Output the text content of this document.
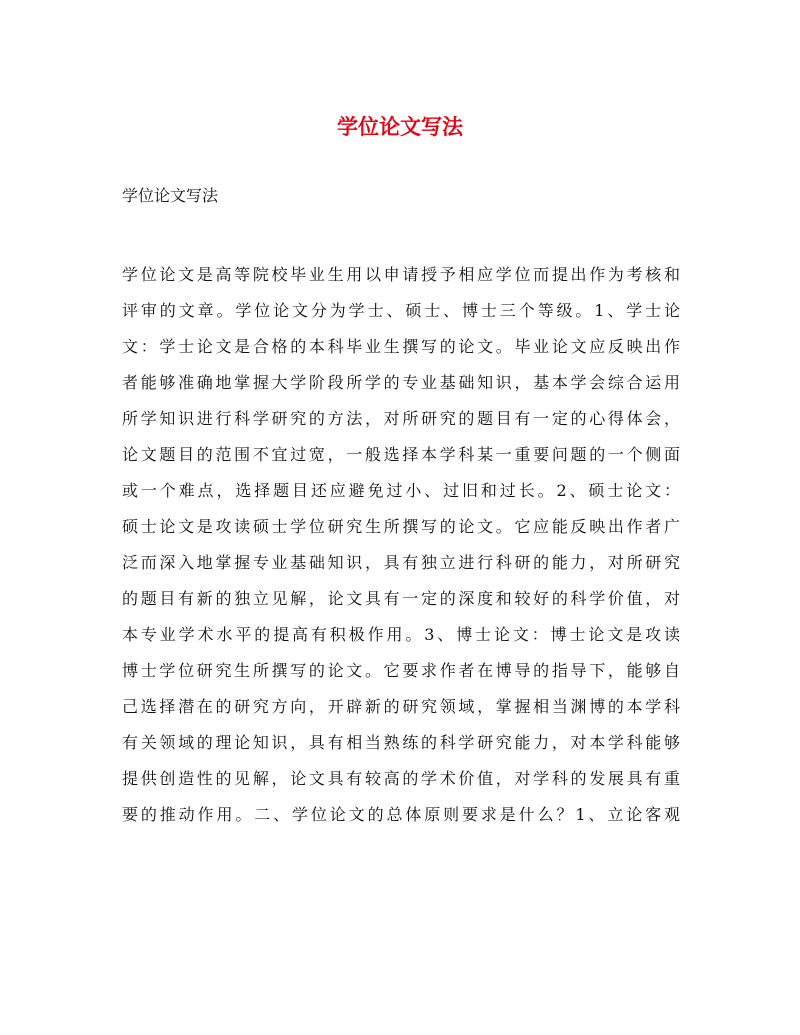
学位论文写法

学位论文写法

学位论文是高等院校毕业生用以申请授予相应学位而提出作为考核和
评审的文章。学位论文分为学士、硕士、博士三个等级。1、学士论
文：学士论文是合格的本科毕业生撰写的论文。毕业论文应反映出作
者能够准确地掌握大学阶段所学的专业基础知识，基本学会综合运用
所学知识进行科学研究的方法，对所研究的题目有一定的心得体会，
论文题目的范围不宜过宽，一般选择本学科某一重要问题的一个侧面
或一个难点，选择题目还应避免过小、过旧和过长。2、硕士论文：
硕士论文是攻读硕士学位研究生所撰写的论文。它应能反映出作者广
泛而深入地掌握专业基础知识，具有独立进行科研的能力，对所研究
的题目有新的独立见解，论文具有一定的深度和较好的科学价值，对
本专业学术水平的提高有积极作用。3、博士论文：博士论文是攻读
博士学位研究生所撰写的论文。它要求作者在博导的指导下，能够自
己选择潜在的研究方向，开辟新的研究领域，掌握相当渊博的本学科
有关领域的理论知识，具有相当熟练的科学研究能力，对本学科能够
提供创造性的见解，论文具有较高的学术价值，对学科的发展具有重
要的推动作用。二、学位论文的总体原则要求是什么？1、立论客观
